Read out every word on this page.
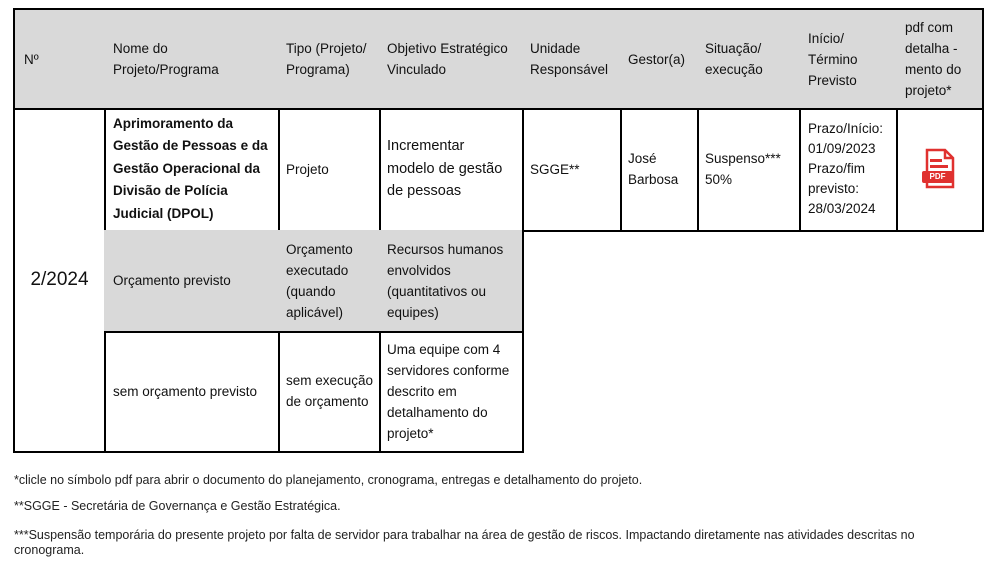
Nº
Nome do
Projeto/Programa
Tipo (Projeto/
Programa)
Objetivo Estratégico
Vinculado
Unidade
Responsável
Gestor(a)
Situação/
execução
Início/
Término
Previsto
pdf com
detalha -
mento do
projeto*
2/2024
Aprimoramento da
Gestão de Pessoas e da
Gestão Operacional da
Divisão de Polícia
Judicial (DPOL)
Projeto
Incrementar
modelo de gestão
de pessoas
SGGE**
José
Barbosa
Suspenso***
50%
Prazo/Início:
01/09/2023
Prazo/fim
previsto:
28/03/2024
PDF
Orçamento previsto
Orçamento
executado
(quando
aplicável)
Recursos humanos
envolvidos
(quantitativos ou
equipes)
sem orçamento previsto
sem execução
de orçamento
Uma equipe com 4
servidores conforme
descrito em
detalhamento do
projeto*
*clicle no símbolo pdf para abrir o documento do planejamento, cronograma, entregas e detalhamento do projeto.
**SGGE - Secretária de Governança e Gestão Estratégica.
***Suspensão temporária do presente projeto por falta de servidor para trabalhar na área de gestão de riscos. Impactando diretamente nas atividades descritas no cronograma.
